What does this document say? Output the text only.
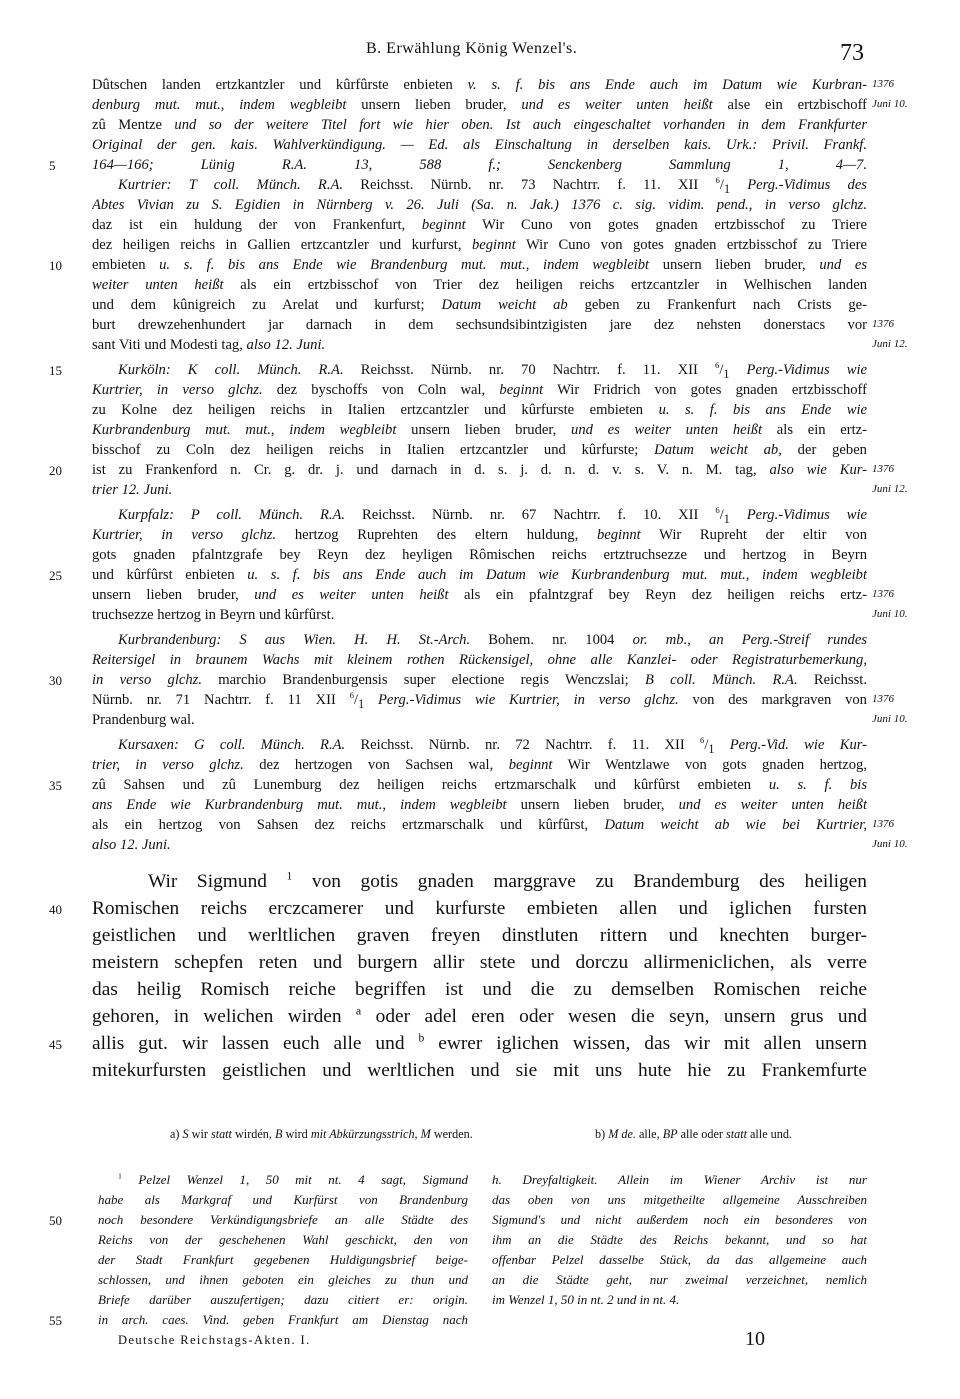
B. Erwählung König Wenzel's.	73
Dûtschen landen ertzkantzler und kûrfûrste enbieten v. s. f. bis ans Ende auch im Datum wie Kurbran- 1376
denburg mut. mut., indem wegbleibt unsern lieben bruder, und es weiter unten heißt alse ein ertzbischoff Juni 10.
zû Mentze und so der weitere Titel fort wie hier oben. Ist auch eingeschaltet vorhanden in dem Frankfurter
Original der gen. kais. Wahlverkündigung. — Ed. als Einschaltung in derselben kais. Urk.: Privil. Frankf.
164—166; Lünig R.A. 13, 588 f.; Senckenberg Sammlung 1, 4—7.
5
Kurtrier: T coll. Münch. R.A. Reichsst. Nürnb. nr. 73 Nachtrr. f. 11. XII $^6/_1$ Perg.-Vidimus des
Abtes Vivian zu S. Egidien in Nürnberg v. 26. Juli (Sa. n. Jak.) 1376 c. sig. vidim. pend., in verso glchz.
daz ist ein huldung der von Frankenfurt, beginnt Wir Cuno von gotes gnaden ertzbisschof zu Triere
dez heiligen reichs in Gallien ertzcantzler und kurfurst, beginnt Wir Cuno von gotes gnaden ertzbisschof zu Triere
embieten u. s. f. bis ans Ende wie Brandenburg mut. mut., indem wegbleibt unsern lieben bruder, und es
10
weiter unten heißt als ein ertzbisschof von Trier dez heiligen reichs ertzcantzler in Welhischen landen
und dem kûnigreich zu Arelat und kurfurst; Datum weicht ab geben zu Frankenfurt nach Crists ge-
burt drewzehenhundert jar darnach in dem sechsundsibintzigisten jare dez nehsten donerstacs vor 1376
sant Viti und Modesti tag, also 12. Juni.	Juni 12.
Kurköln: K coll. Münch. R.A. Reichsst. Nürnb. nr. 70 Nachtrr. f. 11. XII $^6/_1$ Perg.-Vidimus wie
15
Kurtrier, in verso glchz. dez byschoffs von Coln wal, beginnt Wir Fridrich von gotes gnaden ertzbisschoff
zu Kolne dez heiligen reichs in Italien ertzcantzler und kûrfurste embieten u. s. f. bis ans Ende wie
Kurbrandenburg mut. mut., indem wegbleibt unsern lieben bruder, und es weiter unten heißt als ein ertz-
bisschof zu Coln dez heiligen reichs in Italien ertzcantzler und kûrfurste; Datum weicht ab, der geben
ist zu Frankenford n. Cr. g. dr. j. und darnach in d. s. j. d. n. d. v. s. V. n. M. tag, also wie Kur-
20	1376
trier 12. Juni.	Juni 12.
Kurpfalz: P coll. Münch. R.A. Reichsst. Nürnb. nr. 67 Nachtrr. f. 10. XII $^6/_1$ Perg.-Vidimus wie
Kurtrier, in verso glchz. hertzog Ruprehten des eltern huldung, beginnt Wir Rupreht der eltir von
gots gnaden pfalntzgrafe bey Reyn dez heyligen Rômischen reichs ertztruchsezze und hertzog in Beyrn
und kûrfûrst enbieten u. s. f. bis ans Ende auch im Datum wie Kurbrandenburg mut. mut., indem wegbleibt
25
unsern lieben bruder, und es weiter unten heißt als ein pfalntzgraf bey Reyn dez heiligen reichs ertz- 1376
truchsezze hertzog in Beyrn und kûrfûrst.	Juni 10.
Kurbrandenburg: S aus Wien. H. H. St.-Arch. Bohem. nr. 1004 or. mb., an Perg.-Streif rundes
Reitersigel in braunem Wachs mit kleinem rothen Rückensigel, ohne alle Kanzlei- oder Registraturbemerkung,
in verso glchz. marchio Brandenburgensis super electione regis Wenczslai; B coll. Münch. R.A. Reichsst.
30
Nürnb. nr. 71 Nachtrr. f. 11 XII $^6/_1$ Perg.-Vidimus wie Kurtrier, in verso glchz. von des markgraven von 1376
Prandenburg wal.	Juni 10.
Kursaxen: G coll. Münch. R.A. Reichsst. Nürnb. nr. 72 Nachtrr. f. 11. XII $^6/_1$ Perg.-Vid. wie Kur-
trier, in verso glchz. dez hertzogen von Sachsen wal, beginnt Wir Wentzlawe von gots gnaden hertzog,
zû Sahsen und zû Lunemburg dez heiligen reichs ertzmarschalk und kûrfûrst embieten u. s. f. bis
35
ans Ende wie Kurbrandenburg mut. mut., indem wegbleibt unsern lieben bruder, und es weiter unten heißt
als ein hertzog von Sahsen dez reichs ertzmarschalk und kûrfûrst, Datum weicht ab wie bei Kurtrier, 1376
also 12. Juni.	Juni 10.
Wir Sigmund $^1$ von gotis gnaden marggrave zu Brandemburg des heiligen
Romischen reichs erczcamerer und kurfurste embieten allen und iglichen fursten
40
geistlichen und werltlichen graven freyen dinstluten rittern und knechten burger-
meistern schepfen reten und burgern allir stete und dorczu allirmeniclichen, als verre
das heilig Romisch reiche begriffen ist und die zu demselben Romischen reiche
gehoren, in welichen wirden $^a$ oder adel eren oder wesen die seyn, unsern grus und
allis gut. wir lassen euch alle und $^b$ ewrer iglichen wissen, das wir mit allen unsern
45
mitekurfursten geistlichen und werltlichen und sie mit uns hute hie zu Frankemfurte
a) S wir statt wirdén, B wird mit Abkürzungsstrich, M werden.	b) M de. alle, BP alle oder statt alle und.
$^1$ Pelzel Wenzel 1, 50 mit nt. 4 sagt, Sigmund
habe als Markgraf und Kurfürst von Brandenburg
noch besondere Verkündigungsbriefe an alle Städte des
50
Reichs von der geschehenen Wahl geschickt, den von
der Stadt Frankfurt gegebenen Huldigungsbrief beige-
schlossen, und ihnen geboten ein gleiches zu thun und
Briefe darüber auszufertigen; dazu citiert er: origin.
in arch. caes. Vind. geben Frankfurt am Dienstag nach
55
h. Dreyfaltigkeit. Allein im Wiener Archiv ist nur
das oben von uns mitgetheilte allgemeine Ausschreiben
Sigmund's und nicht außerdem noch ein besonderes von
ihm an die Städte des Reichs bekannt, und so hat
offenbar Pelzel dasselbe Stück, da das allgemeine auch
an die Städte geht, nur zweimal verzeichnet, nemlich
im Wenzel 1, 50 in nt. 2 und in nt. 4.
Deutsche Reichstags-Akten. I.	10
